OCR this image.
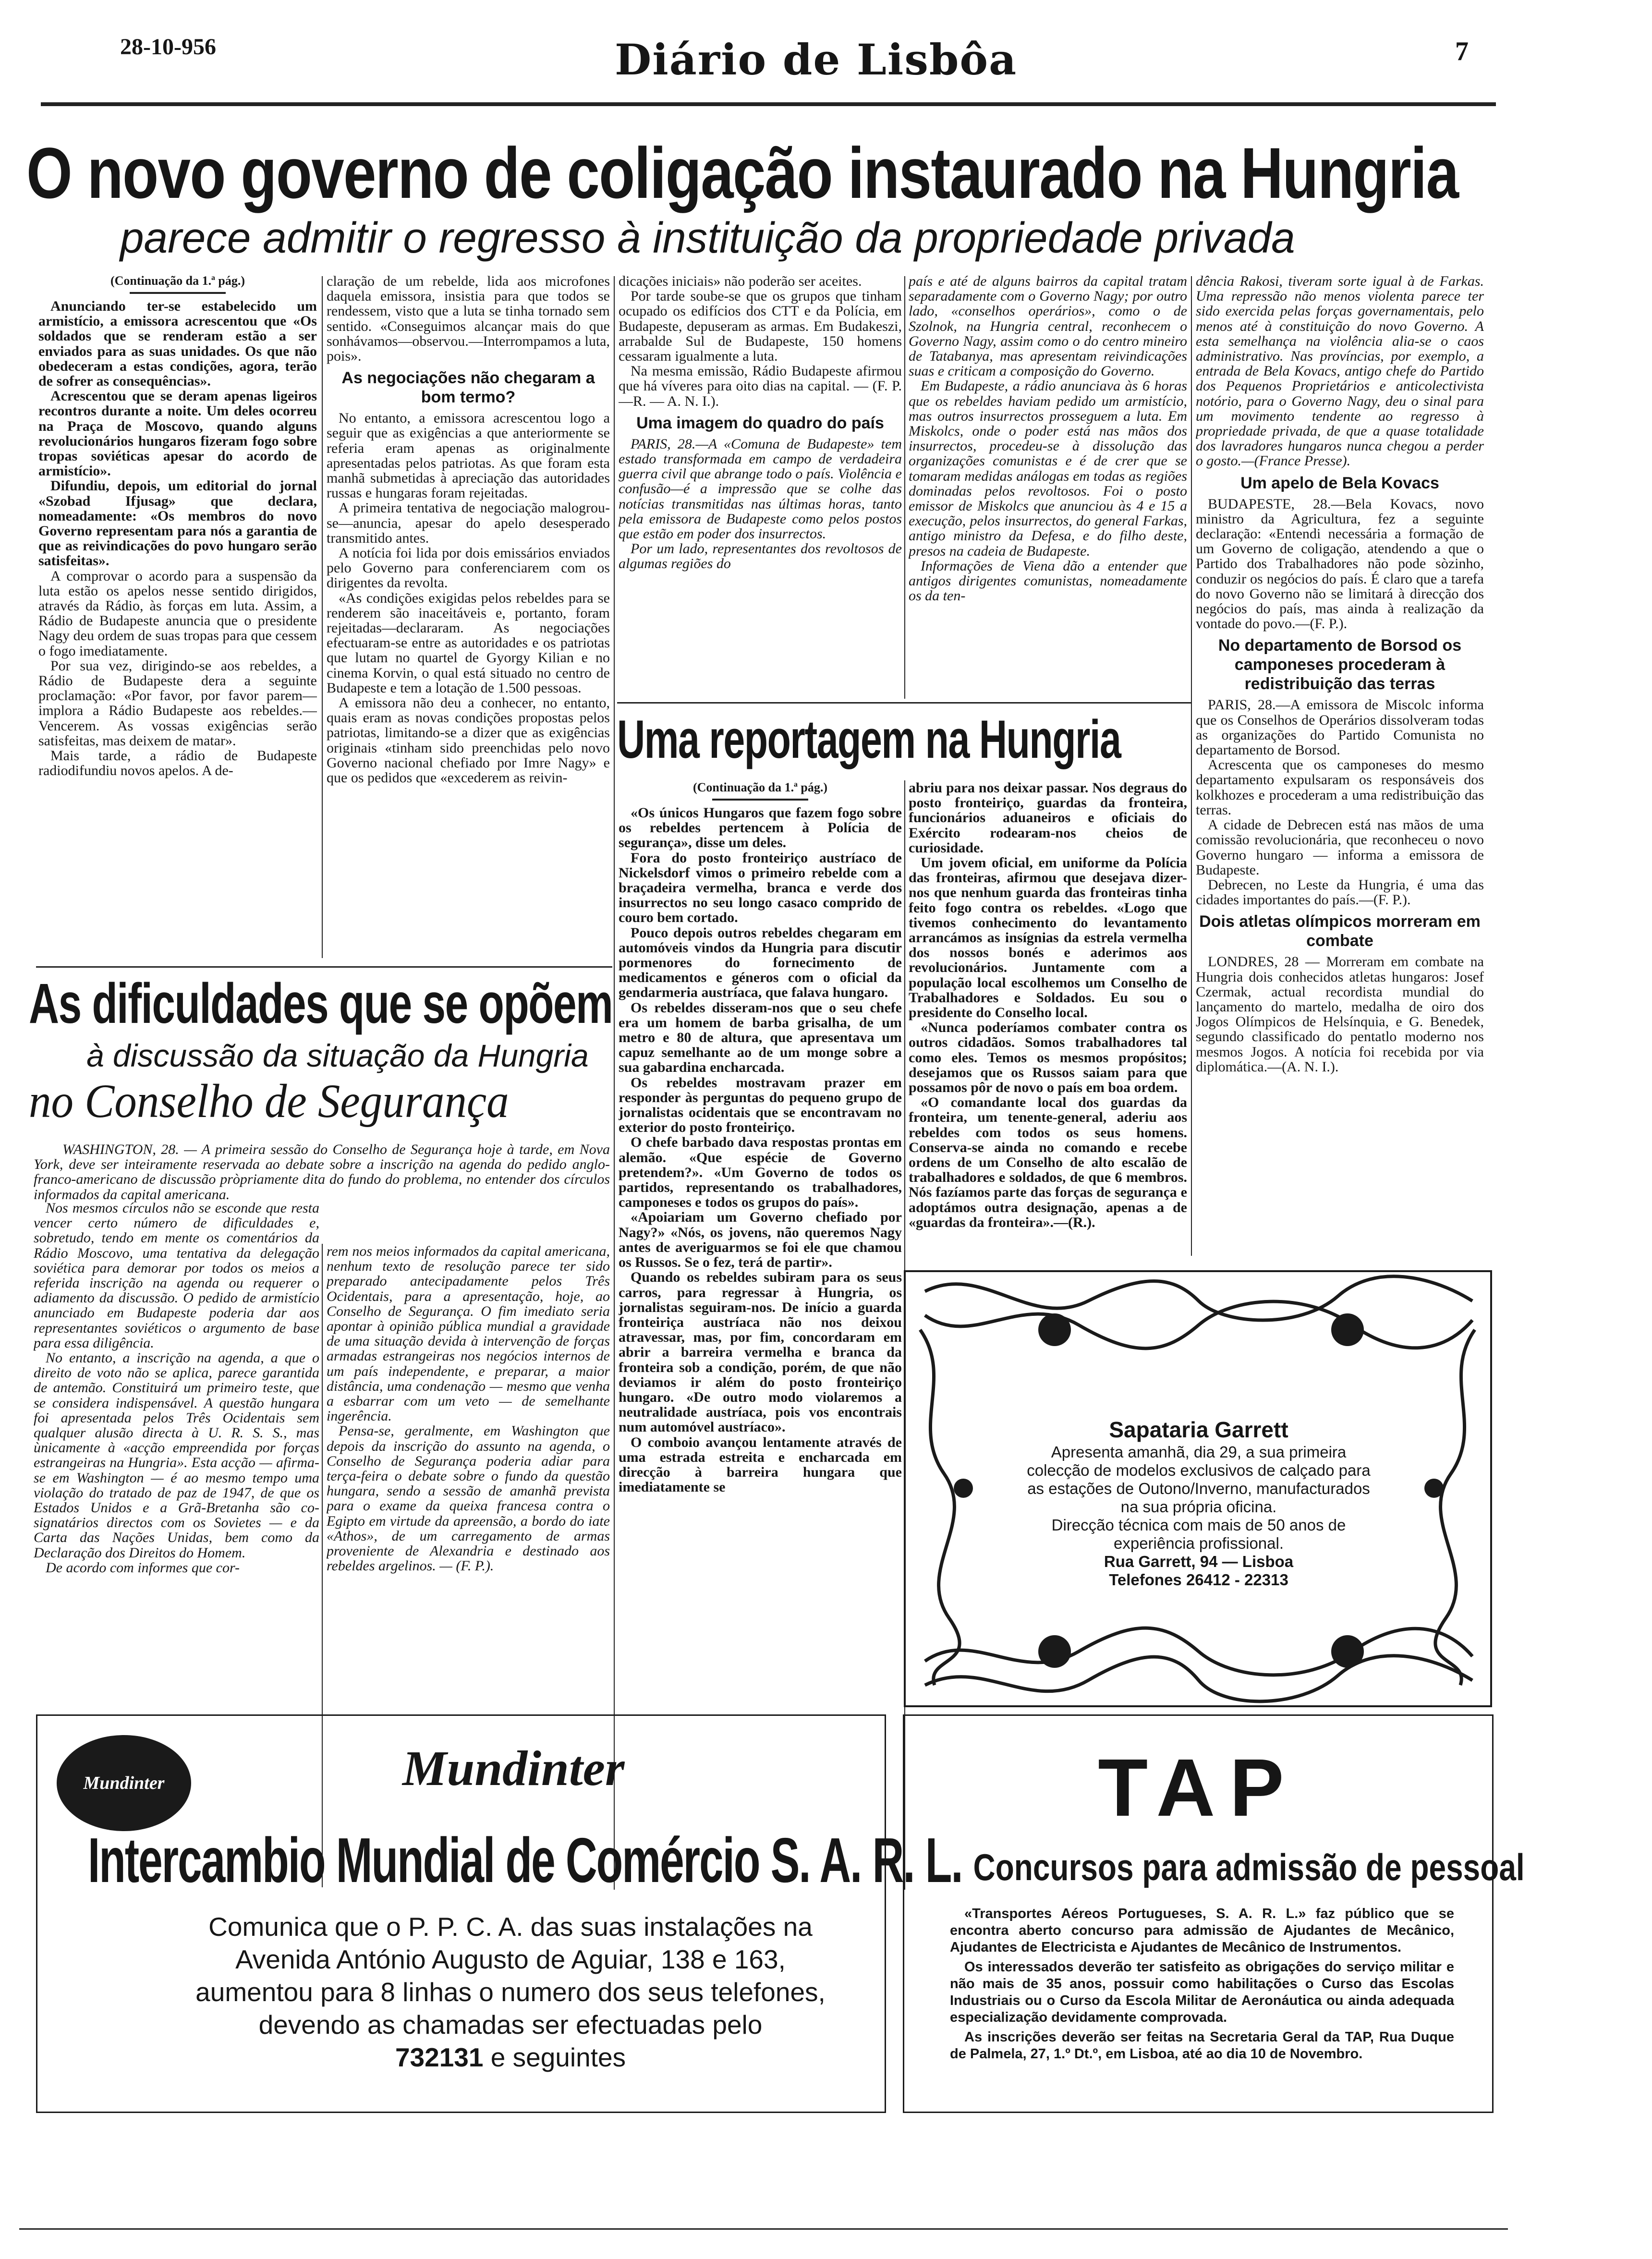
28-10-956	Diário de Lisbôa	7
O novo governo de coligação instaurado na Hungria
parece admitir o regresso à instituição da propriedade privada

(Continuação da 1.ª pág.)

Anunciando ter-se estabelecido um armistício, a emissora acrescentou que «Os soldados que se renderam estão a ser enviados para as suas unidades. Os que não obedeceram a estas condições, agora, terão de sofrer as consequências».

Acrescentou que se deram apenas ligeiros recontros durante a noite. Um deles ocorreu na Praça de Moscovo, quando alguns revolucionários hungaros fizeram fogo sobre tropas soviéticas apesar do acordo de armistício».

Difundiu, depois, um editorial do jornal «Szobad Ifjusag» que declara, nomeadamente: «Os membros do novo Governo representam para nós a garantia de que as reivindicações do povo hungaro serão satisfeitas».

A comprovar o acordo para a suspensão da luta estão os apelos nesse sentido dirigidos, através da Rádio, às forças em luta. Assim, a Rádio de Budapeste anuncia que o presidente Nagy deu ordem de suas tropas para que cessem o fogo imediatamente.

Por sua vez, dirigindo-se aos rebeldes, a Rádio de Budapeste dera a seguinte proclamação: «Por favor, por favor parem—implora a Rádio Budapeste aos rebeldes.—Vencerem. As vossas exigências serão satisfeitas, mas deixem de matar».

Mais tarde, a rádio de Budapeste radiodifundiu novos apelos. A de-

claração de um rebelde, lida aos microfones daquela emissora, insistia para que todos se rendessem, visto que a luta se tinha tornado sem sentido. «Conseguimos alcançar mais do que sonhávamos—observou.—Interrompamos a luta, pois».

As negociações não chegaram a bom termo?

No entanto, a emissora acrescentou logo a seguir que as exigências a que anteriormente se referia eram apenas as originalmente apresentadas pelos patriotas. As que foram esta manhã submetidas à apreciação das autoridades russas e hungaras foram rejeitadas.

A primeira tentativa de negociação malogrou-se—anuncia, apesar do apelo desesperado transmitido antes.

A notícia foi lida por dois emissários enviados pelo Governo para conferenciarem com os dirigentes da revolta.

«As condições exigidas pelos rebeldes para se renderem são inaceitáveis e, portanto, foram rejeitadas—declararam. As negociações efectuaram-se entre as autoridades e os patriotas que lutam no quartel de Gyorgy Kilian e no cinema Korvin, o qual está situado no centro de Budapeste e tem a lotação de 1.500 pessoas.

A emissora não deu a conhecer, no entanto, quais eram as novas condições propostas pelos patriotas, limitando-se a dizer que as exigências originais «tinham sido preenchidas pelo novo Governo nacional chefiado por Imre Nagy» e que os pedidos que «excederem as reivin-

dicações iniciais» não poderão ser aceites.

Por tarde soube-se que os grupos que tinham ocupado os edifícios dos CTT e da Polícia, em Budapeste, depuseram as armas. Em Budakeszi, arrabalde Sul de Budapeste, 150 homens cessaram igualmente a luta.

Na mesma emissão, Rádio Budapeste afirmou que há víveres para oito dias na capital. — (F. P.—R. — A. N. I.).

Uma imagem do quadro do país

PARIS, 28.—A «Comuna de Budapeste» tem estado transformada em campo de verdadeira guerra civil que abrange todo o país. Violência e confusão—é a impressão que se colhe das notícias transmitidas nas últimas horas, tanto pela emissora de Budapeste como pelos postos que estão em poder dos insurrectos.

Por um lado, representantes dos revoltosos de algumas regiões do

país e até de alguns bairros da capital tratam separadamente com o Governo Nagy; por outro lado, «conselhos operários», como o de Szolnok, na Hungria central, reconhecem o Governo Nagy, assim como o do centro mineiro de Tatabanya, mas apresentam reivindicações suas e criticam a composição do Governo.

Em Budapeste, a rádio anunciava às 6 horas que os rebeldes haviam pedido um armistício, mas outros insurrectos prosseguem a luta. Em Miskolcs, onde o poder está nas mãos dos insurrectos, procedeu-se à dissolução das organizações comunistas e é de crer que se tomaram medidas análogas em todas as regiões dominadas pelos revoltosos. Foi o posto emissor de Miskolcs que anunciou às 4 e 15 a execução, pelos insurrectos, do general Farkas, antigo ministro da Defesa, e do filho deste, presos na cadeia de Budapeste.

Informações de Viena dão a entender que antigos dirigentes comunistas, nomeadamente os da ten-

dência Rakosi, tiveram sorte igual à de Farkas. Uma repressão não menos violenta parece ter sido exercida pelas forças governamentais, pelo menos até à constituição do novo Governo. A esta semelhança na violência alia-se o caos administrativo. Nas províncias, por exemplo, a entrada de Bela Kovacs, antigo chefe do Partido dos Pequenos Proprietários e anticolectivista notório, para o Governo Nagy, deu o sinal para um movimento tendente ao regresso à propriedade privada, de que a quase totalidade dos lavradores hungaros nunca chegou a perder o gosto.—(France Presse).

Um apelo de Bela Kovacs

BUDAPESTE, 28.—Bela Kovacs, novo ministro da Agricultura, fez a seguinte declaração: «Entendi necessária a formação de um Governo de coligação, atendendo a que o Partido dos Trabalhadores não pode sòzinho, conduzir os negócios do país. É claro que a tarefa do novo Governo não se limitará à direcção dos negócios do país, mas ainda à realização da vontade do povo.—(F. P.).

No departamento de Borsod os camponeses procederam à redistribuição das terras

PARIS, 28.—A emissora de Miscolc informa que os Conselhos de Operários dissolveram todas as organizações do Partido Comunista no departamento de Borsod.

Acrescenta que os camponeses do mesmo departamento expulsaram os responsáveis dos kolkhozes e procederam a uma redistribuição das terras.

A cidade de Debrecen está nas mãos de uma comissão revolucionária, que reconheceu o novo Governo hungaro — informa a emissora de Budapeste.

Debrecen, no Leste da Hungria, é uma das cidades importantes do país.—(F. P.).

Dois atletas olímpicos morreram em combate

LONDRES, 28 — Morreram em combate na Hungria dois conhecidos atletas hungaros: Josef Czermak, actual recordista mundial do lançamento do martelo, medalha de oiro dos Jogos Olímpicos de Helsínquia, e G. Benedek, segundo classificado do pentatlo moderno nos mesmos Jogos. A notícia foi recebida por via diplomática.—(A. N. I.).

Uma reportagem na Hungria

(Continuação da 1.ª pág.)

«Os únicos Hungaros que fazem fogo sobre os rebeldes pertencem à Polícia de segurança», disse um deles.

Fora do posto fronteiriço austríaco de Nickelsdorf vimos o primeiro rebelde com a braçadeira vermelha, branca e verde dos insurrectos no seu longo casaco comprido de couro bem cortado.

Pouco depois outros rebeldes chegaram em automóveis vindos da Hungria para discutir pormenores do fornecimento de medicamentos e géneros com o oficial da gendarmeria austríaca, que falava hungaro.

Os rebeldes disseram-nos que o seu chefe era um homem de barba grisalha, de um metro e 80 de altura, que apresentava um capuz semelhante ao de um monge sobre a sua gabardina encharcada.

Os rebeldes mostravam prazer em responder às perguntas do pequeno grupo de jornalistas ocidentais que se encontravam no exterior do posto fronteiriço.

O chefe barbado dava respostas prontas em alemão. «Que espécie de Governo pretendem?». «Um Governo de todos os partidos, representando os trabalhadores, camponeses e todos os grupos do país».

«Apoiariam um Governo chefiado por Nagy?» «Nós, os jovens, não queremos Nagy antes de averiguarmos se foi ele que chamou os Russos. Se o fez, terá de partir».

Quando os rebeldes subiram para os seus carros, para regressar à Hungria, os jornalistas seguiram-nos. De início a guarda fronteiriça austríaca não nos deixou atravessar, mas, por fim, concordaram em abrir a barreira vermelha e branca da fronteira sob a condição, porém, de que não deviamos ir além do posto fronteiriço hungaro. «De outro modo violaremos a neutralidade austríaca, pois vos encontrais num automóvel austríaco».

O comboio avançou lentamente através de uma estrada estreita e encharcada em direcção à barreira hungara que imediatamente se

abriu para nos deixar passar. Nos degraus do posto fronteiriço, guardas da fronteira, funcionários aduaneiros e oficiais do Exército rodearam-nos cheios de curiosidade.

Um jovem oficial, em uniforme da Polícia das fronteiras, afirmou que desejava dizer-nos que nenhum guarda das fronteiras tinha feito fogo contra os rebeldes. «Logo que tivemos conhecimento do levantamento arrancámos as insígnias da estrela vermelha dos nossos bonés e aderimos aos revolucionários. Juntamente com a população local escolhemos um Conselho de Trabalhadores e Soldados. Eu sou o presidente do Conselho local.

«Nunca poderíamos combater contra os outros cidadãos. Somos trabalhadores tal como eles. Temos os mesmos propósitos; desejamos que os Russos saiam para que possamos pôr de novo o país em boa ordem.

«O comandante local dos guardas da fronteira, um tenente-general, aderiu aos rebeldes com todos os seus homens. Conserva-se ainda no comando e recebe ordens de um Conselho de alto escalão de trabalhadores e soldados, de que 6 membros. Nós fazíamos parte das forças de segurança e adoptámos outra designação, apenas a de «guardas da fronteira».—(R.).

As dificuldades que se opõem
à discussão da situação da Hungria
no Conselho de Segurança

WASHINGTON, 28. — A primeira sessão do Conselho de Segurança hoje à tarde, em Nova York, deve ser inteiramente reservada ao debate sobre a inscrição na agenda do pedido anglo-franco-americano de discussão pròpriamente dita do fundo do problema, no entender dos círculos informados da capital americana.

Nos mesmos círculos não se esconde que resta vencer certo número de dificuldades e, sobretudo, tendo em mente os comentários da Rádio Moscovo, uma tentativa da delegação soviética para demorar por todos os meios a referida inscrição na agenda ou requerer o adiamento da discussão. O pedido de armistício anunciado em Budapeste poderia dar aos representantes soviéticos o argumento de base para essa diligência.

No entanto, a inscrição na agenda, a que o direito de voto não se aplica, parece garantida de antemão. Constituirá um primeiro teste, que se considera indispensável. A questão hungara foi apresentada pelos Três Ocidentais sem qualquer alusão directa à U. R. S. S., mas ùnicamente à «acção empreendida por forças estrangeiras na Hungria». Esta acção — afirma-se em Washington — é ao mesmo tempo uma violação do tratado de paz de 1947, de que os Estados Unidos e a Grã-Bretanha são co-signatários directos com os Sovietes — e da Carta das Nações Unidas, bem como da Declaração dos Direitos do Homem.

De acordo com informes que cor-

rem nos meios informados da capital americana, nenhum texto de resolução parece ter sido preparado antecipadamente pelos Três Ocidentais, para a apresentação, hoje, ao Conselho de Segurança. O fim imediato seria apontar à opinião pública mundial a gravidade de uma situação devida à intervenção de forças armadas estrangeiras nos negócios internos de um país independente, e preparar, a maior distância, uma condenação — mesmo que venha a esbarrar com um veto — de semelhante ingerência.

Pensa-se, geralmente, em Washington que depois da inscrição do assunto na agenda, o Conselho de Segurança poderia adiar para terça-feira o debate sobre o fundo da questão hungara, sendo a sessão de amanhã prevista para o exame da queixa francesa contra o Egipto em virtude da apreensão, a bordo do iate «Athos», de um carregamento de armas proveniente de Alexandria e destinado aos rebeldes argelinos. — (F. P.).

Sapataria Garrett
Apresenta amanhã, dia 29, a sua primeira colecção de modelos exclusivos de calçado para as estações de Outono/Inverno, manufacturados na sua própria oficina.
Direcção técnica com mais de 50 anos de experiência profissional.
Rua Garrett, 94 — Lisboa
Telefones 26412 - 22313
Mundinter	Mundinter
Intercambio Mundial de Comércio S. A. R. L.
Comunica que o P. P. C. A. das suas instalações na Avenida António Augusto de Aguiar, 138 e 163, aumentou para 8 linhas o numero dos seus telefones, devendo as chamadas ser efectuadas pelo
732131 e seguintes
TAP
Concursos para admissão de pessoal

«Transportes Aéreos Portugueses, S. A. R. L.» faz público que se encontra aberto concurso para admissão de Ajudantes de Mecânico, Ajudantes de Electricista e Ajudantes de Mecânico de Instrumentos.

Os interessados deverão ter satisfeito as obrigações do serviço militar e não mais de 35 anos, possuir como habilitações o Curso das Escolas Industriais ou o Curso da Escola Militar de Aeronáutica ou ainda adequada especialização devidamente comprovada.

As inscrições deverão ser feitas na Secretaria Geral da TAP, Rua Duque de Palmela, 27, 1.º Dt.º, em Lisboa, até ao dia 10 de Novembro.
